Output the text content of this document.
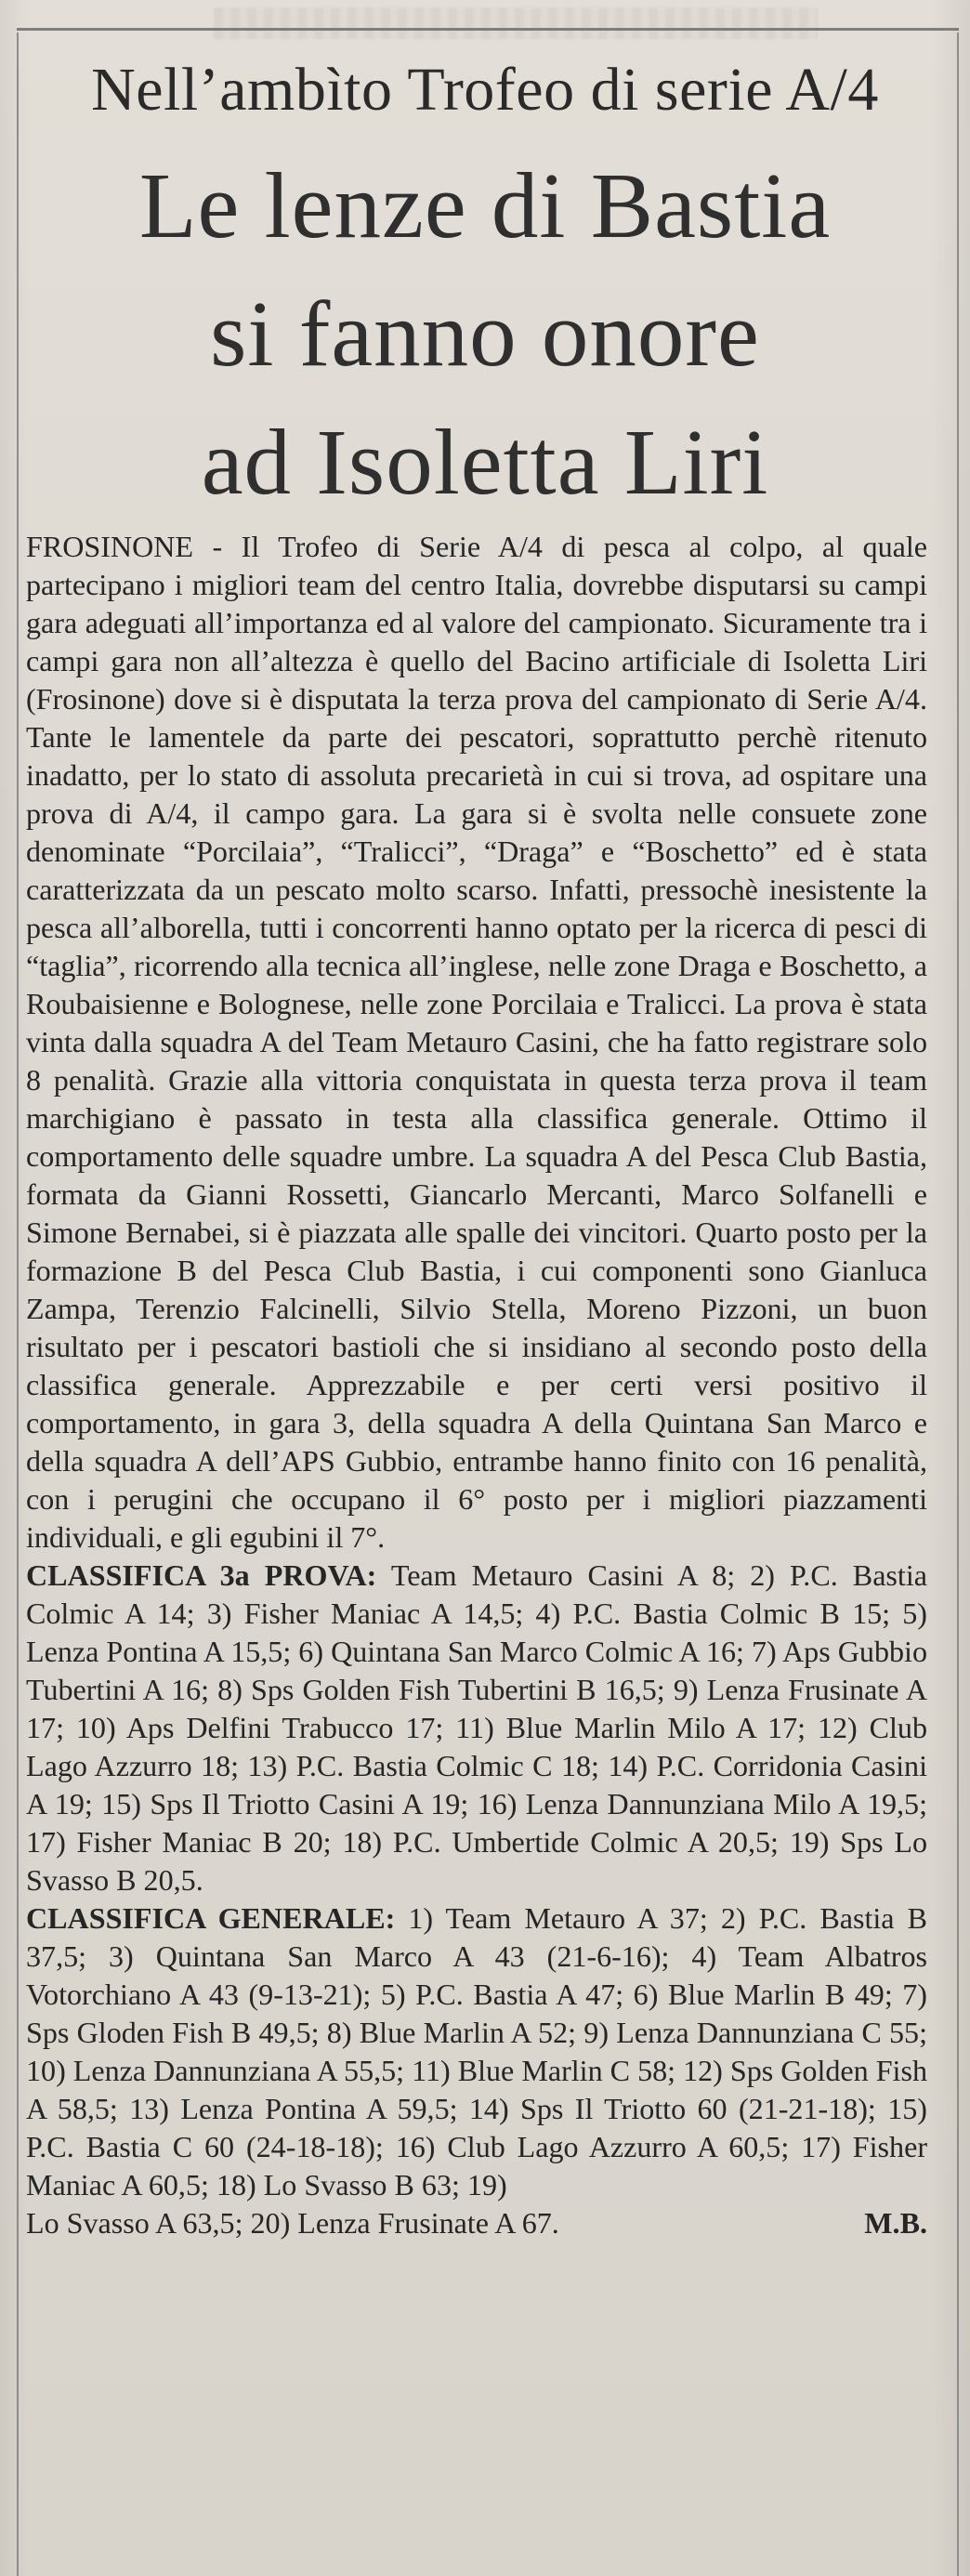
Nell’ambìto Trofeo di serie A/4
Le lenze di Bastia
si fanno onore
ad Isoletta Liri

FROSINONE - Il Trofeo di Serie A/4 di pesca al colpo, al quale partecipano i migliori team del centro Italia, dovrebbe disputarsi su campi gara adeguati all’importanza ed al valore del campionato. Sicuramente tra i campi gara non all’altezza è quello del Bacino artificiale di Isoletta Liri (Frosinone) dove si è disputata la terza prova del campionato di Serie A/4. Tante le lamentele da parte dei pescatori, soprattutto perchè ritenuto inadatto, per lo stato di assoluta precarietà in cui si trova, ad ospitare una prova di A/4, il campo gara. La gara si è svolta nelle consuete zone denominate “Porcilaia”, “Tralicci”, “Draga” e “Boschetto” ed è stata caratterizzata da un pescato molto scarso. Infatti, pressochè inesistente la pesca all’alborella, tutti i concorrenti hanno optato per la ricerca di pesci di “taglia”, ricorrendo alla tecnica all’inglese, nelle zone Draga e Boschetto, a Roubaisienne e Bolognese, nelle zone Porcilaia e Tralicci. La prova è stata vinta dalla squadra A del Team Metauro Casini, che ha fatto registrare solo 8 penalità. Grazie alla vittoria conquistata in questa terza prova il team marchigiano è passato in testa alla classifica generale. Ottimo il comportamento delle squadre umbre. La squadra A del Pesca Club Bastia, formata da Gianni Rossetti, Giancarlo Mercanti, Marco Solfanelli e Simone Bernabei, si è piazzata alle spalle dei vincitori. Quarto posto per la formazione B del Pesca Club Bastia, i cui componenti sono Gianluca Zampa, Terenzio Falcinelli, Silvio Stella, Moreno Pizzoni, un buon risultato per i pescatori bastioli che si insidiano al secondo posto della classifica generale. Apprezzabile e per certi versi positivo il comportamento, in gara 3, della squadra A della Quintana San Marco e della squadra A dell’APS Gubbio, entrambe hanno finito con 16 penalità, con i perugini che occupano il 6° posto per i migliori piazzamenti individuali, e gli egubini il 7°.

CLASSIFICA 3a PROVA: Team Metauro Casini A 8; 2) P.C. Bastia Colmic A 14; 3) Fisher Maniac A 14,5; 4) P.C. Bastia Colmic B 15; 5) Lenza Pontina A 15,5; 6) Quintana San Marco Colmic A 16; 7) Aps Gubbio Tubertini A 16; 8) Sps Golden Fish Tubertini B 16,5; 9) Lenza Frusinate A 17; 10) Aps Delfini Trabucco 17; 11) Blue Marlin Milo A 17; 12) Club Lago Azzurro 18; 13) P.C. Bastia Colmic C 18; 14) P.C. Corridonia Casini A 19; 15) Sps Il Triotto Casini A 19; 16) Lenza Dannunziana Milo A 19,5; 17) Fisher Maniac B 20; 18) P.C. Umbertide Colmic A 20,5; 19) Sps Lo Svasso B 20,5.

CLASSIFICA GENERALE: 1) Team Metauro A 37; 2) P.C. Bastia B 37,5; 3) Quintana San Marco A 43 (21-6-16); 4) Team Albatros Votorchiano A 43 (9-13-21); 5) P.C. Bastia A 47; 6) Blue Marlin B 49; 7) Sps Gloden Fish B 49,5; 8) Blue Marlin A 52; 9) Lenza Dannunziana C 55; 10) Lenza Dannunziana A 55,5; 11) Blue Marlin C 58; 12) Sps Golden Fish A 58,5; 13) Lenza Pontina A 59,5; 14) Sps Il Triotto 60 (21-21-18); 15) P.C. Bastia C 60 (24-18-18); 16) Club Lago Azzurro A 60,5; 17) Fisher Maniac A 60,5; 18) Lo Svasso B 63; 19)

Lo Svasso A 63,5; 20) Lenza Frusinate A 67.	M.B.
